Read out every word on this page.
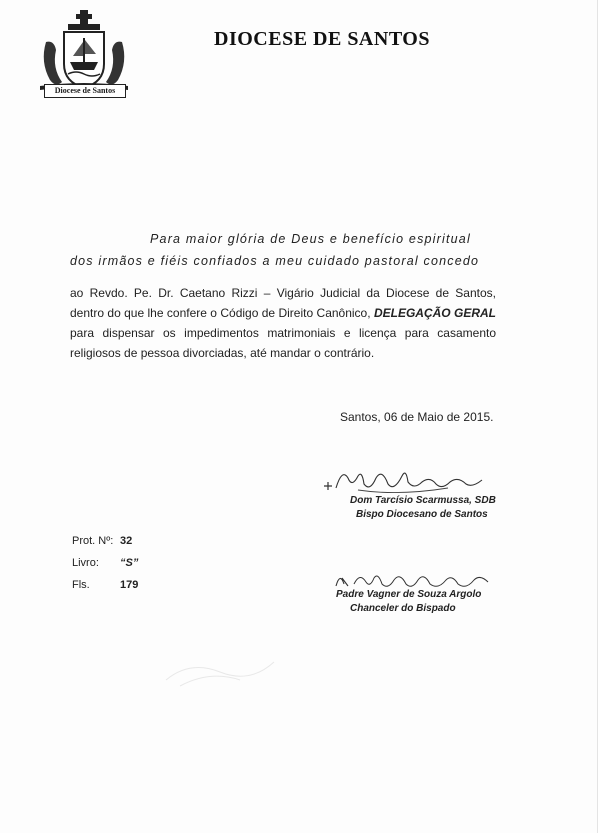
Diocese de Santos
DIOCESE DE SANTOS
Para maior glória de Deus e benefício espiritual
dos irmãos e fiéis confiados a meu cuidado pastoral concedo
ao Revdo. Pe. Dr. Caetano Rizzi – Vigário Judicial da Diocese de Santos, dentro do que lhe confere o Código de Direito Canônico, DELEGAÇÃO GERAL para dispensar os impedimentos matrimoniais e licença para casamento religiosos de pessoa divorciadas, até mandar o contrário.
Santos, 06 de Maio de 2015.
Dom Tarcísio Scarmussa, SDB
Bispo Diocesano de Santos
Prot. Nº: 32
Livro:	“S”
Fls.	179
Padre Vagner de Souza Argolo
Chanceler do Bispado
